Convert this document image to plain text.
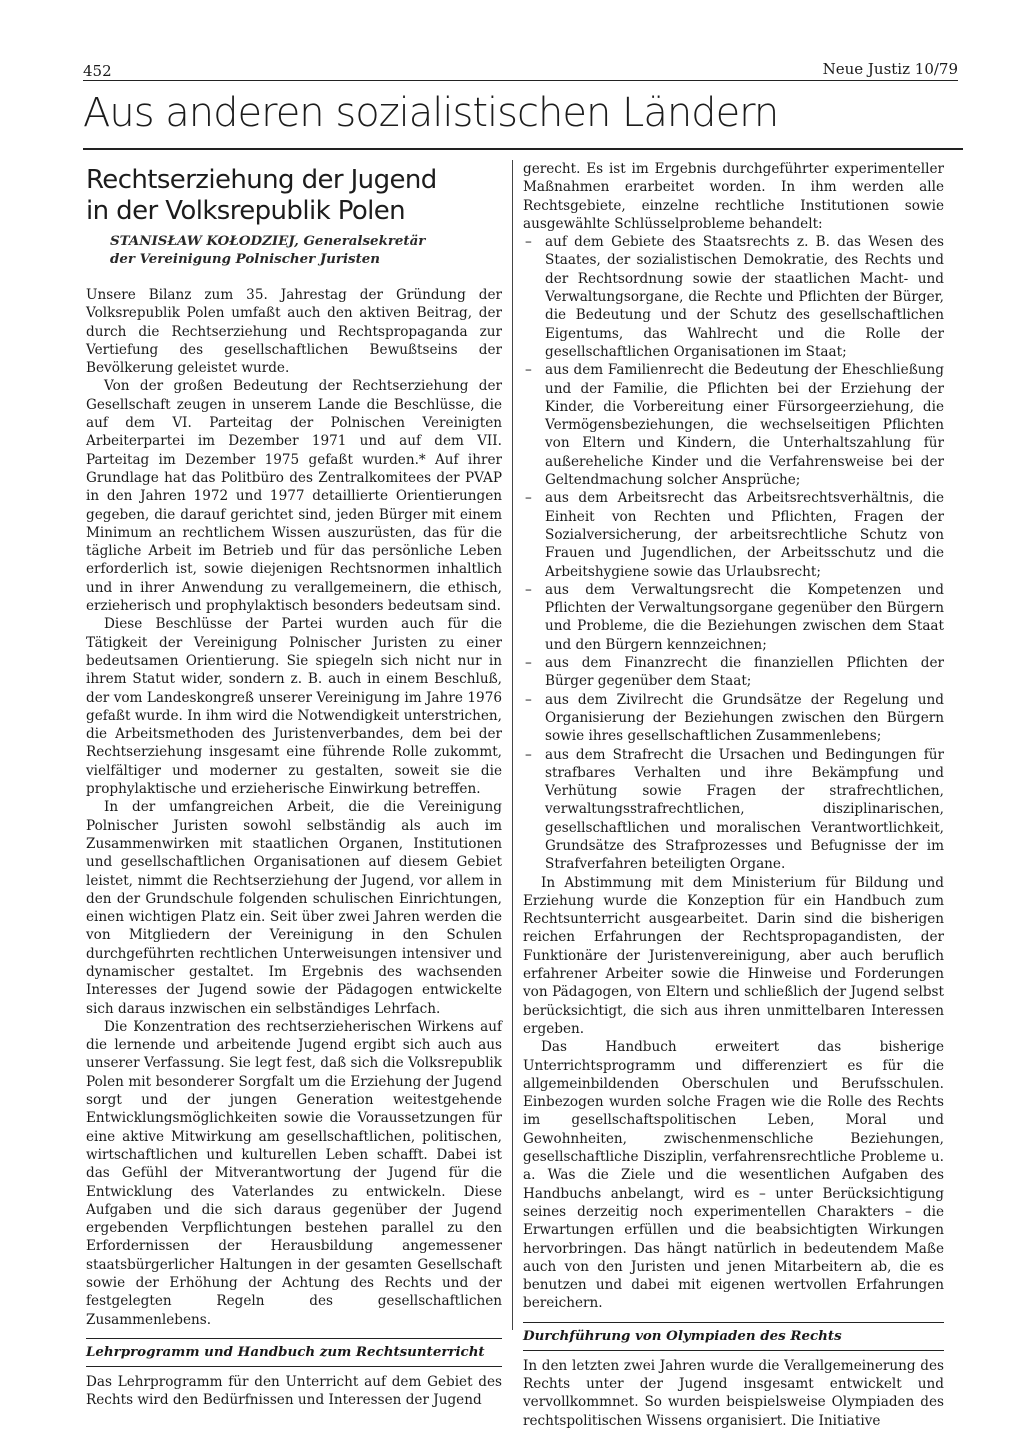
452	Neue Justiz 10/79
Aus anderen sozialistischen Ländern
Rechtserziehung der Jugend
in der Volksrepublik Polen
STANISŁAW KOŁODZIEJ, Generalsekretär
der Vereinigung Polnischer Juristen

Unsere Bilanz zum 35. Jahrestag der Gründung der Volksrepublik Polen umfaßt auch den aktiven Beitrag, der durch die Rechtserziehung und Rechtspropaganda zur Vertiefung des gesellschaftlichen Bewußtseins der Bevölkerung geleistet wurde.

Von der großen Bedeutung der Rechtserziehung der Gesellschaft zeugen in unserem Lande die Beschlüsse, die auf dem VI. Parteitag der Polnischen Vereinigten Arbeiterpartei im Dezember 1971 und auf dem VII. Parteitag im Dezember 1975 gefaßt wurden.* Auf ihrer Grundlage hat das Politbüro des Zentralkomitees der PVAP in den Jahren 1972 und 1977 detaillierte Orientierungen gegeben, die darauf gerichtet sind, jeden Bürger mit einem Minimum an rechtlichem Wissen auszurüsten, das für die tägliche Arbeit im Betrieb und für das persönliche Leben erforderlich ist, sowie diejenigen Rechtsnormen inhaltlich und in ihrer Anwendung zu verallgemeinern, die ethisch, erzieherisch und prophylaktisch besonders bedeutsam sind.

Diese Beschlüsse der Partei wurden auch für die Tätigkeit der Vereinigung Polnischer Juristen zu einer bedeutsamen Orientierung. Sie spiegeln sich nicht nur in ihrem Statut wider, sondern z. B. auch in einem Beschluß, der vom Landeskongreß unserer Vereinigung im Jahre 1976 gefaßt wurde. In ihm wird die Notwendigkeit unterstrichen, die Arbeitsmethoden des Juristenverbandes, dem bei der Rechtserziehung insgesamt eine führende Rolle zukommt, vielfältiger und moderner zu gestalten, soweit sie die prophylaktische und erzieherische Einwirkung betreffen.

In der umfangreichen Arbeit, die die Vereinigung Polnischer Juristen sowohl selbständig als auch im Zusammenwirken mit staatlichen Organen, Institutionen und gesellschaftlichen Organisationen auf diesem Gebiet leistet, nimmt die Rechtserziehung der Jugend, vor allem in den der Grundschule folgenden schulischen Einrichtungen, einen wichtigen Platz ein. Seit über zwei Jahren werden die von Mitgliedern der Vereinigung in den Schulen durchgeführten rechtlichen Unterweisungen intensiver und dynamischer gestaltet. Im Ergebnis des wachsenden Interesses der Jugend sowie der Pädagogen entwickelte sich daraus inzwischen ein selbständiges Lehrfach.

Die Konzentration des rechtserzieherischen Wirkens auf die lernende und arbeitende Jugend ergibt sich auch aus unserer Verfassung. Sie legt fest, daß sich die Volksrepublik Polen mit besonderer Sorgfalt um die Erziehung der Jugend sorgt und der jungen Generation weitestgehende Entwicklungsmöglichkeiten sowie die Voraussetzungen für eine aktive Mitwirkung am gesellschaftlichen, politischen, wirtschaftlichen und kulturellen Leben schafft. Dabei ist das Gefühl der Mitverantwortung der Jugend für die Entwicklung des Vaterlandes zu entwickeln. Diese Aufgaben und die sich daraus gegenüber der Jugend ergebenden Verpflichtungen bestehen parallel zu den Erfordernissen der Herausbildung angemessener staatsbürgerlicher Haltungen in der gesamten Gesellschaft sowie der Erhöhung der Achtung des Rechts und der festgelegten Regeln des gesellschaftlichen Zusammenlebens.

Lehrprogramm und Handbuch zum Rechtsunterricht

Das Lehrprogramm für den Unterricht auf dem Gebiet des Rechts wird den Bedürfnissen und Interessen der Jugend

gerecht. Es ist im Ergebnis durchgeführter experimenteller Maßnahmen erarbeitet worden. In ihm werden alle Rechtsgebiete, einzelne rechtliche Institutionen sowie ausgewählte Schlüsselprobleme behandelt:

– auf dem Gebiete des Staatsrechts z. B. das Wesen des Staates, der sozialistischen Demokratie, des Rechts und der Rechtsordnung sowie der staatlichen Macht- und Verwaltungsorgane, die Rechte und Pflichten der Bürger, die Bedeutung und der Schutz des gesellschaftlichen Eigentums, das Wahlrecht und die Rolle der gesellschaftlichen Organisationen im Staat;
– aus dem Familienrecht die Bedeutung der Eheschließung und der Familie, die Pflichten bei der Erziehung der Kinder, die Vorbereitung einer Fürsorgeerziehung, die Vermögensbeziehungen, die wechselseitigen Pflichten von Eltern und Kindern, die Unterhaltszahlung für außereheliche Kinder und die Verfahrensweise bei der Geltendmachung solcher Ansprüche;
– aus dem Arbeitsrecht das Arbeitsrechtsverhältnis, die Einheit von Rechten und Pflichten, Fragen der Sozialversicherung, der arbeitsrechtliche Schutz von Frauen und Jugendlichen, der Arbeitsschutz und die Arbeitshygiene sowie das Urlaubsrecht;
– aus dem Verwaltungsrecht die Kompetenzen und Pflichten der Verwaltungsorgane gegenüber den Bürgern und Probleme, die die Beziehungen zwischen dem Staat und den Bürgern kennzeichnen;
– aus dem Finanzrecht die finanziellen Pflichten der Bürger gegenüber dem Staat;
– aus dem Zivilrecht die Grundsätze der Regelung und Organisierung der Beziehungen zwischen den Bürgern sowie ihres gesellschaftlichen Zusammenlebens;
– aus dem Strafrecht die Ursachen und Bedingungen für strafbares Verhalten und ihre Bekämpfung und Verhütung sowie Fragen der strafrechtlichen, verwaltungsstrafrechtlichen, disziplinarischen, gesellschaftlichen und moralischen Verantwortlichkeit, Grundsätze des Strafprozesses und Befugnisse der im Strafverfahren beteiligten Organe.

In Abstimmung mit dem Ministerium für Bildung und Erziehung wurde die Konzeption für ein Handbuch zum Rechtsunterricht ausgearbeitet. Darin sind die bisherigen reichen Erfahrungen der Rechtspropagandisten, der Funktionäre der Juristenvereinigung, aber auch beruflich erfahrener Arbeiter sowie die Hinweise und Forderungen von Pädagogen, von Eltern und schließlich der Jugend selbst berücksichtigt, die sich aus ihren unmittelbaren Interessen ergeben.

Das Handbuch erweitert das bisherige Unterrichtsprogramm und differenziert es für die allgemeinbildenden Oberschulen und Berufsschulen. Einbezogen wurden solche Fragen wie die Rolle des Rechts im gesellschaftspolitischen Leben, Moral und Gewohnheiten, zwischenmenschliche Beziehungen, gesellschaftliche Disziplin, verfahrensrechtliche Probleme u. a. Was die Ziele und die wesentlichen Aufgaben des Handbuchs anbelangt, wird es – unter Berücksichtigung seines derzeitig noch experimentellen Charakters – die Erwartungen erfüllen und die beabsichtigten Wirkungen hervorbringen. Das hängt natürlich in bedeutendem Maße auch von den Juristen und jenen Mitarbeitern ab, die es benutzen und dabei mit eigenen wertvollen Erfahrungen bereichern.

Durchführung von Olympiaden des Rechts

In den letzten zwei Jahren wurde die Verallgemeinerung des Rechts unter der Jugend insgesamt entwickelt und vervollkommnet. So wurden beispielsweise Olympiaden des rechtspolitischen Wissens organisiert. Die Initiative
